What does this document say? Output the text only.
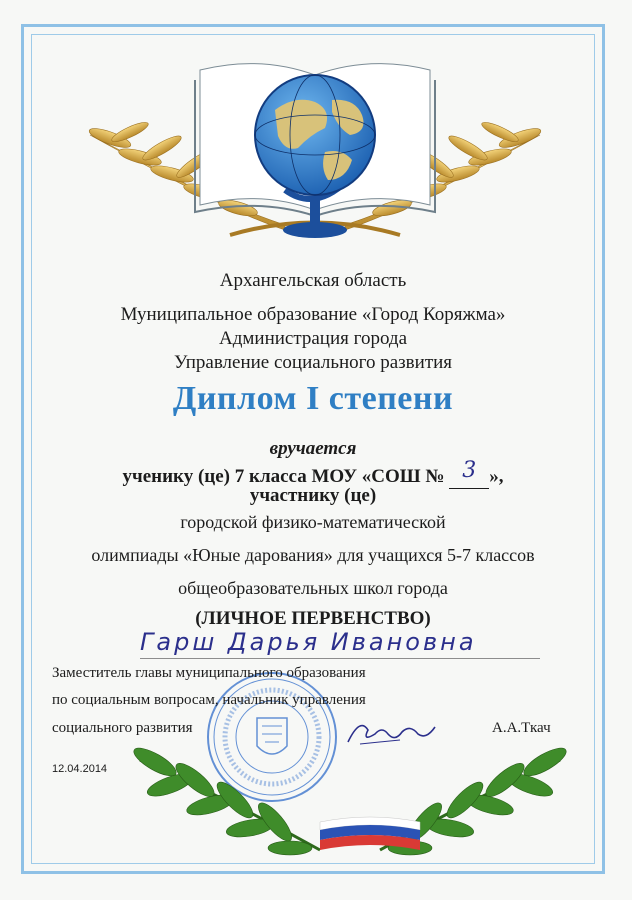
Архангельская область
Муниципальное образование «Город Коряжма»
Администрация города
Управление социального развития
Диплом I степени
вручается
ученику (це) 7 класса МОУ «СОШ № 3 »,
участнику (це)
городской физико-математической
олимпиады «Юные дарования» для учащихся 5-7 классов
общеобразовательных школ города
(ЛИЧНОЕ ПЕРВЕНСТВО)
Гарш Дарья Ивановна
Заместитель главы муниципального образования
по социальным вопросам, начальник управления
социального развития	А.А.Ткач
12.04.2014
